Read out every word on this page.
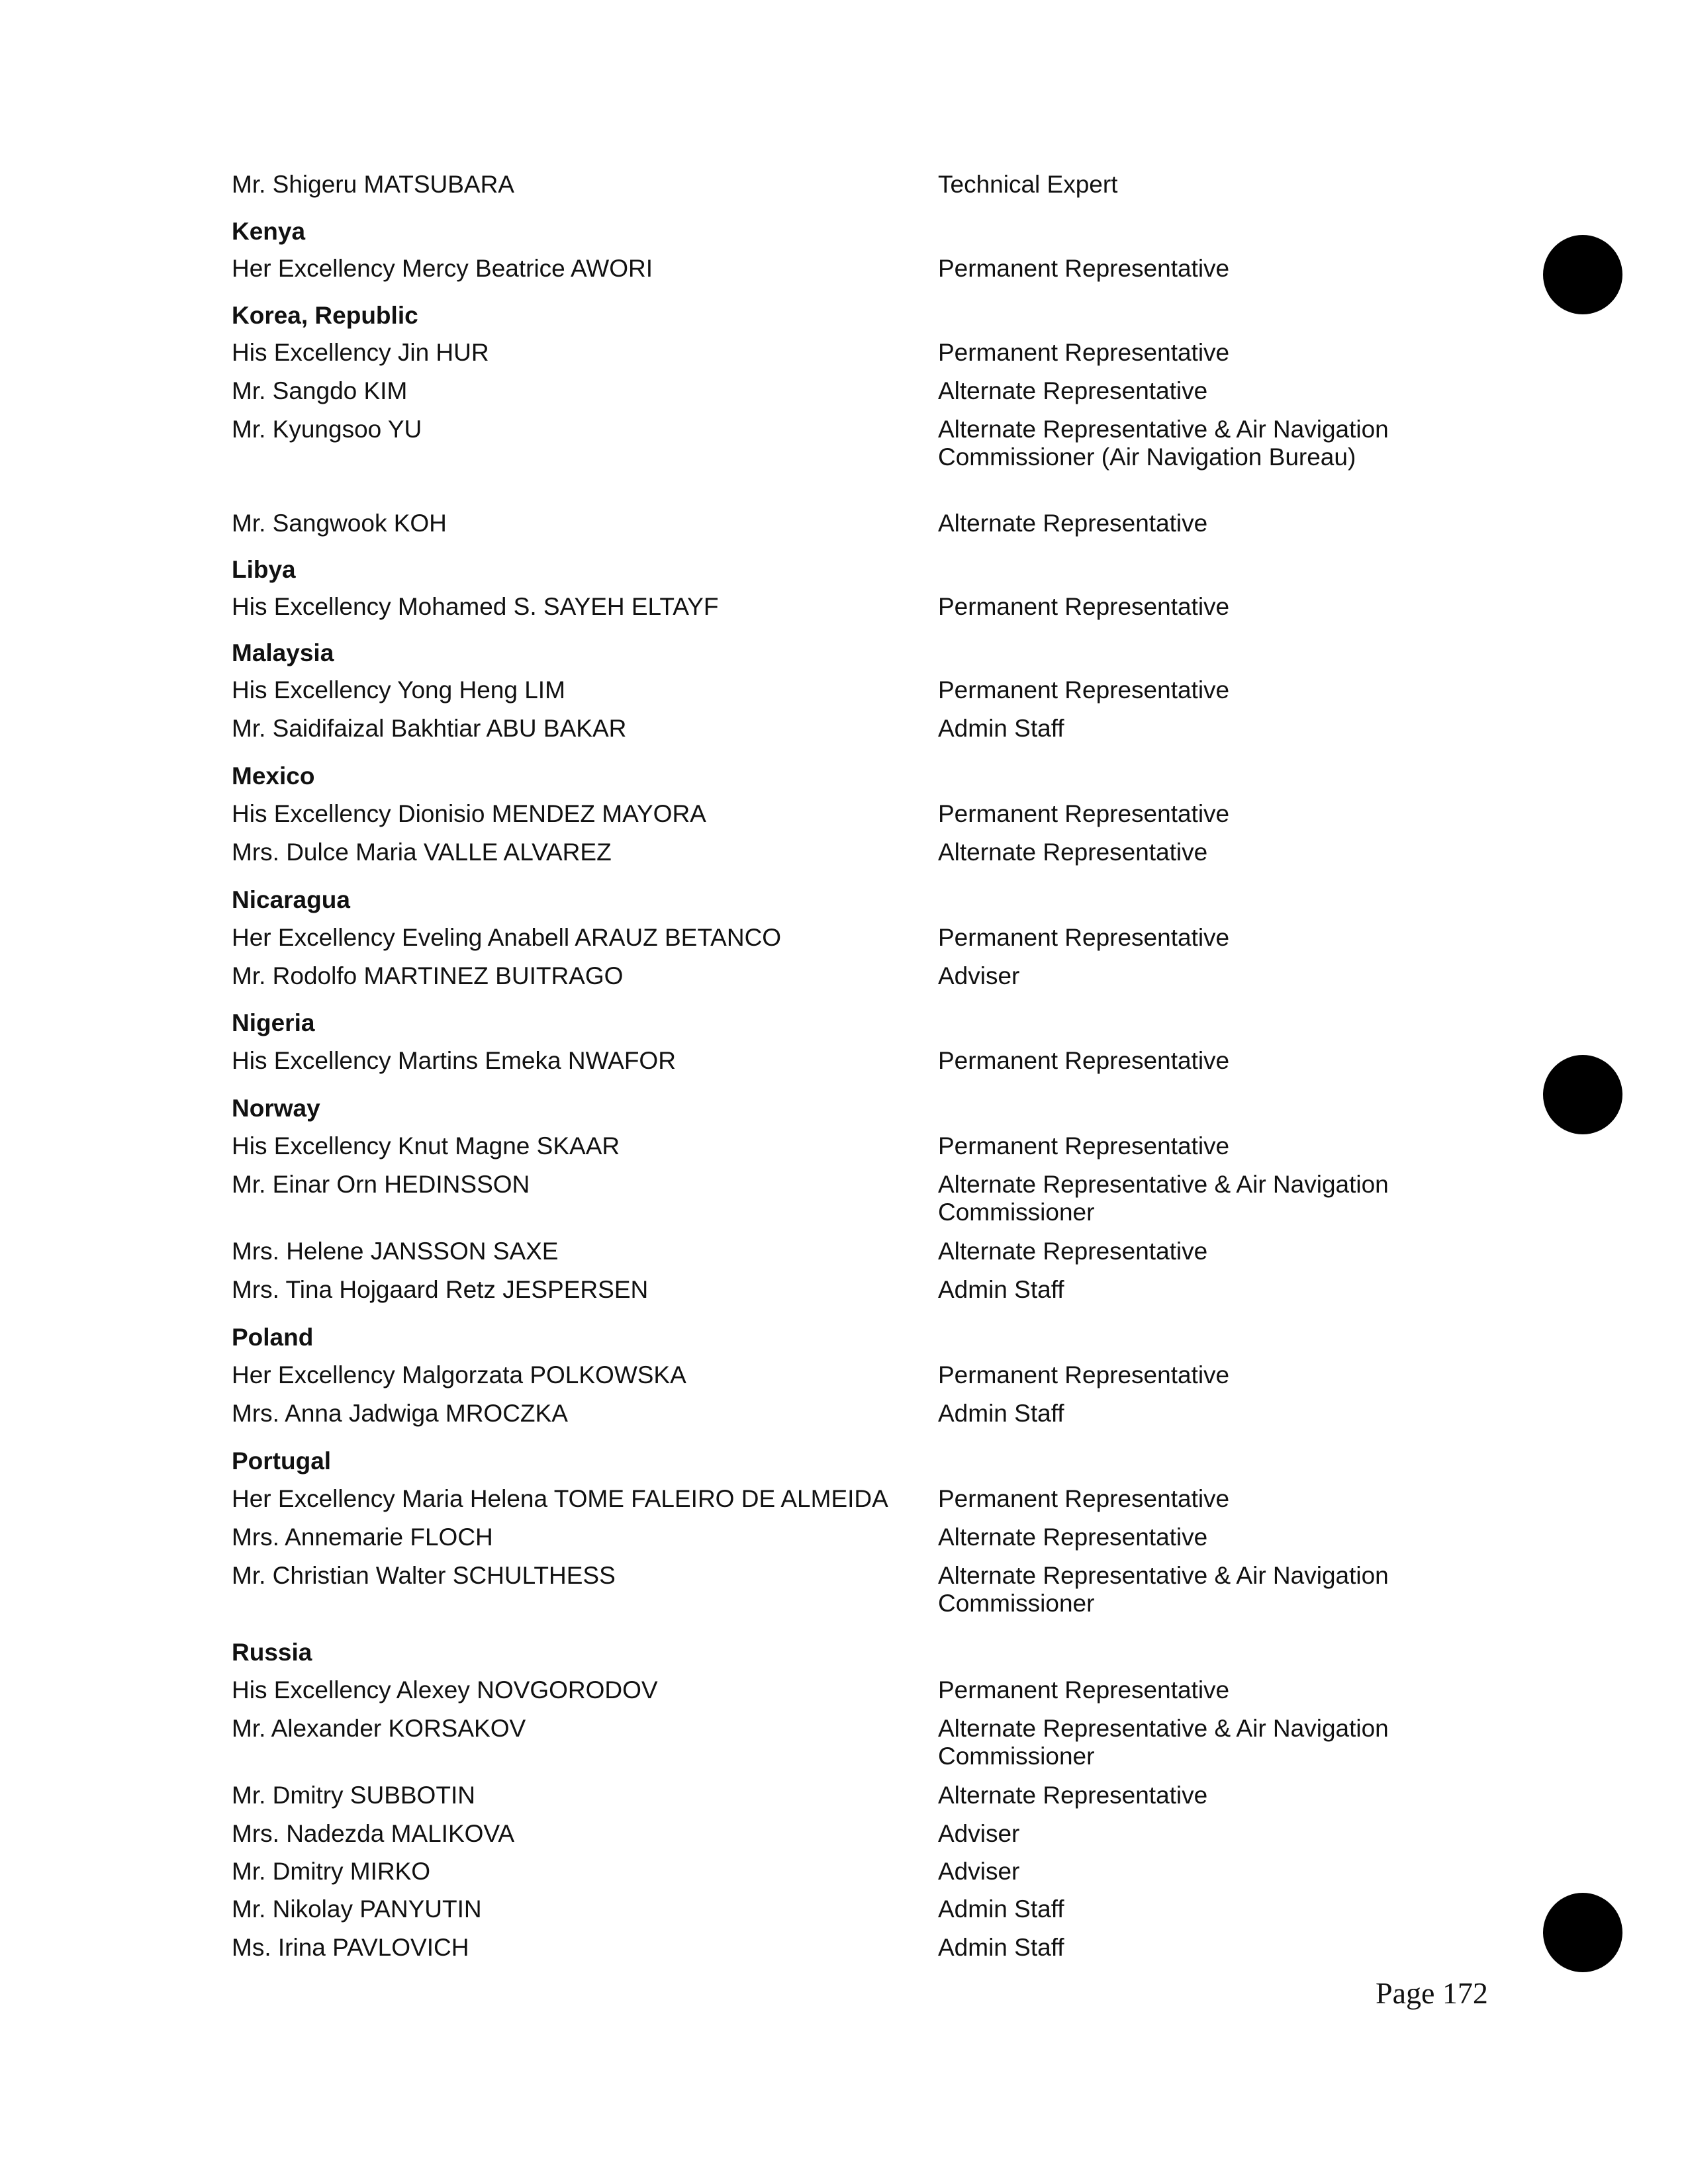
Mr. Shigeru MATSUBARA	Technical Expert
Kenya
Her Excellency Mercy Beatrice AWORI	Permanent Representative
Korea, Republic
His Excellency Jin HUR	Permanent Representative
Mr. Sangdo KIM	Alternate Representative
Mr. Kyungsoo YU	Alternate Representative & Air Navigation Commissioner (Air Navigation Bureau)
Mr. Sangwook KOH	Alternate Representative
Libya
His Excellency Mohamed S. SAYEH ELTAYF	Permanent Representative
Malaysia
His Excellency Yong Heng LIM	Permanent Representative
Mr. Saidifaizal Bakhtiar ABU BAKAR	Admin Staff
Mexico
His Excellency Dionisio MENDEZ MAYORA	Permanent Representative
Mrs. Dulce Maria VALLE ALVAREZ	Alternate Representative
Nicaragua
Her Excellency Eveling Anabell ARAUZ BETANCO	Permanent Representative
Mr. Rodolfo MARTINEZ BUITRAGO	Adviser
Nigeria
His Excellency Martins Emeka NWAFOR	Permanent Representative
Norway
His Excellency Knut Magne SKAAR	Permanent Representative
Mr. Einar Orn HEDINSSON	Alternate Representative & Air Navigation Commissioner
Mrs. Helene JANSSON SAXE	Alternate Representative
Mrs. Tina Hojgaard Retz JESPERSEN	Admin Staff
Poland
Her Excellency Malgorzata POLKOWSKA	Permanent Representative
Mrs. Anna Jadwiga MROCZKA	Admin Staff
Portugal
Her Excellency Maria Helena TOME FALEIRO DE ALMEIDA Permanent Representative
Mrs. Annemarie FLOCH	Alternate Representative
Mr. Christian Walter SCHULTHESS	Alternate Representative & Air Navigation Commissioner
Russia
His Excellency Alexey NOVGORODOV	Permanent Representative
Mr. Alexander KORSAKOV	Alternate Representative & Air Navigation Commissioner
Mr. Dmitry SUBBOTIN	Alternate Representative
Mrs. Nadezda MALIKOVA	Adviser
Mr. Dmitry MIRKO	Adviser
Mr. Nikolay PANYUTIN	Admin Staff
Ms. Irina PAVLOVICH	Admin Staff
Page 172
